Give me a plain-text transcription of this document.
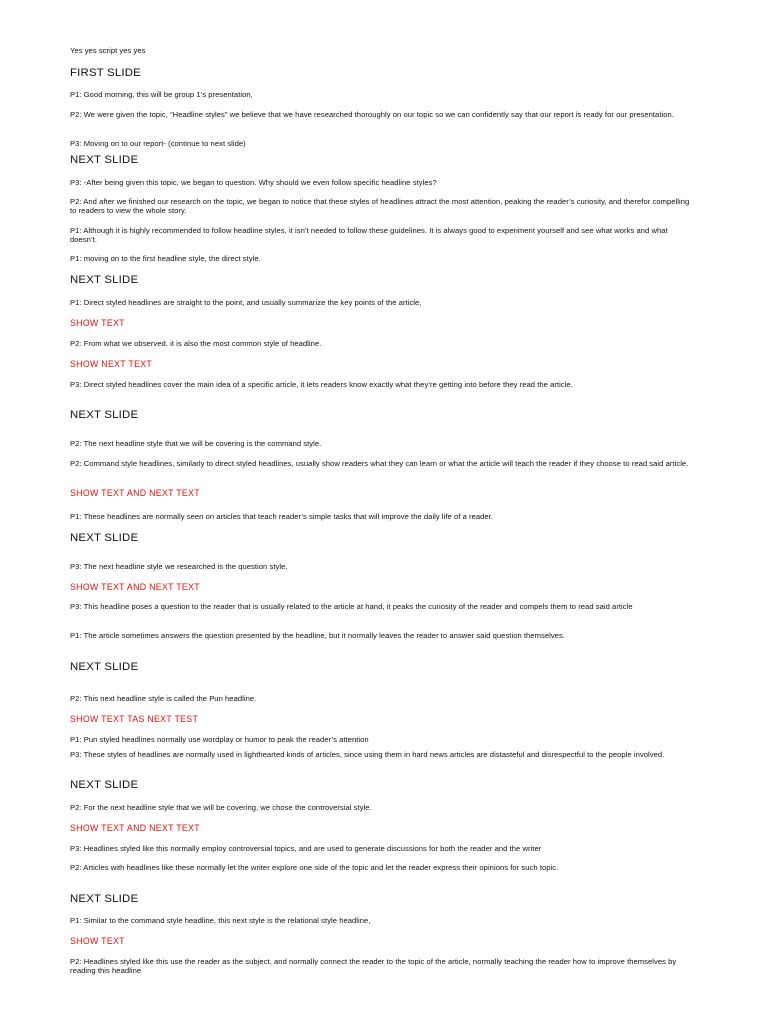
Yes yes script yes yes

FIRST SLIDE

P1: Good morning, this will be group 1’s presentation,

P2: We were given the topic, “Headline styles” we believe that we have researched thoroughly on our topic so we can confidently say that our report is ready for our presentation.

P3: Moving on to our report- (continue to next slide)

NEXT SLIDE

P3: -After being given this topic, we began to question. Why should we even follow specific headline styles?

P2: And after we finished our research on the topic, we began to notice that these styles of headlines attract the most attention, peaking the reader’s curiosity, and therefor compelling to readers to view the whole story.

P1: Although it is highly recommended to follow headline styles, it isn’t needed to follow these guidelines. It is always good to experiment yourself and see what works and what doesn’t.

P1: moving on to the first headline style, the direct style.

NEXT SLIDE

P1: Direct styled headlines are straight to the point, and usually summarize the key points of the article,

SHOW TEXT

P2: From what we observed, it is also the most common style of headline.

SHOW NEXT TEXT

P3: Direct styled headlines cover the main idea of a specific article, it lets readers know exactly what they’re getting into before they read the article.

NEXT SLIDE

P2: The next headline style that we will be covering is the command style.

P2: Command style headlines, similarly to direct styled headlines, usually show readers what they can learn or what the article will teach the reader if they choose to read said article.

SHOW TEXT AND NEXT TEXT

P1: These headlines are normally seen on articles that teach reader’s simple tasks that will improve the daily life of a reader.

NEXT SLIDE

P3: The next headline style we researched is the question style,

SHOW TEXT AND NEXT TEXT

P3: This headline poses a question to the reader that is usually related to the article at hand, it peaks the curiosity of the reader and compels them to read said article

P1: The article sometimes answers the question presented by the headline, but it normally leaves the reader to answer said question themselves.

NEXT SLIDE

P2: This next headline style is called the Pun headline.

SHOW TEXT TAS NEXT TEST

P1: Pun styled headlines normally use wordplay or humor to peak the reader’s attention

P3: These styles of headlines are normally used in lighthearted kinds of articles, since using them in hard news articles are distasteful and disrespectful to the people involved.

NEXT SLIDE

P2: For the next headline style that we will be covering, we chose the controversial style.

SHOW TEXT AND NEXT TEXT

P3: Headlines styled like this normally employ controversial topics, and are used to generate discussions for both the reader and the writer

P2: Articles with headlines like these normally let the writer explore one side of the topic and let the reader express their opinions for such topic.

NEXT SLIDE

P1: Similar to the command style headline, this next style is the relational style headline,

SHOW TEXT

P2: Headlines styled like this use the reader as the subject, and normally connect the reader to the topic of the article, normally teaching the reader how to improve themselves by reading this headline
